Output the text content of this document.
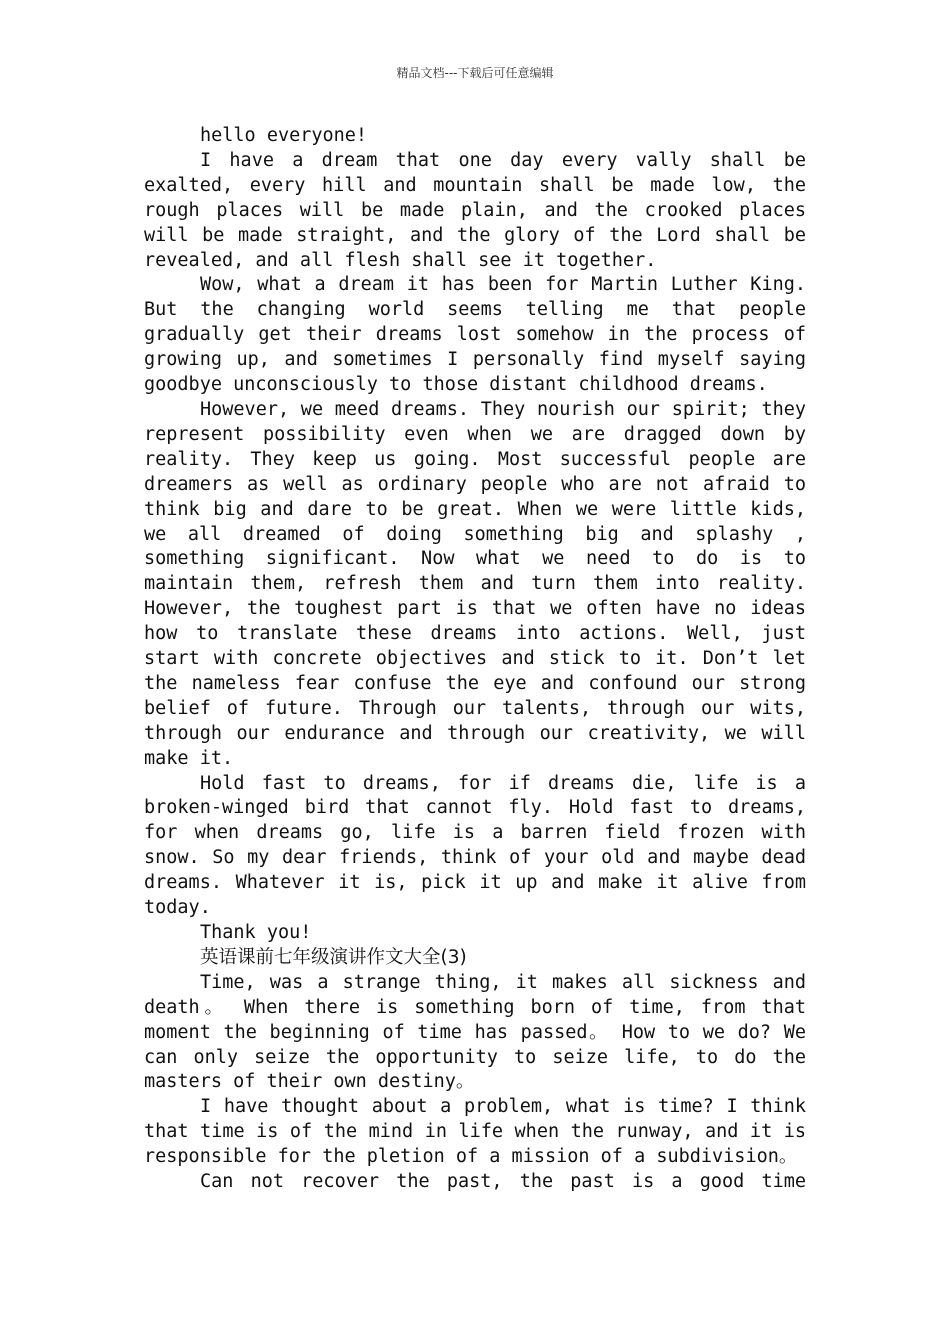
精品文档---下载后可任意编辑

hello everyone!

I have a dream that one day every vally shall be exalted, every hill and mountain shall be made low, the rough places will be made plain, and the crooked places will be made straight, and the glory of the Lord shall be revealed, and all flesh shall see it together.

Wow, what a dream it has been for Martin Luther King. But the changing world seems telling me that people gradually get their dreams lost somehow in the process of growing up, and sometimes I personally find myself saying goodbye unconsciously to those distant childhood dreams.

However, we meed dreams. They nourish our spirit; they represent possibility even when we are dragged down by reality. They keep us going. Most successful people are dreamers as well as ordinary people who are not afraid to think big and dare to be great. When we were little kids, we all dreamed of doing something big and splashy , something significant. Now what we need to do is to maintain them, refresh them and turn them into reality. However, the toughest part is that we often have no ideas how to translate these dreams into actions. Well, just start with concrete objectives and stick to it. Don’t let the nameless fear confuse the eye and confound our strong belief of future. Through our talents, through our wits, through our endurance and through our creativity, we will make it.

Hold fast to dreams, for if dreams die, life is a broken-winged bird that cannot fly. Hold fast to dreams, for when dreams go, life is a barren field frozen with snow. So my dear friends, think of your old and maybe dead dreams. Whatever it is, pick it up and make it alive from today.

Thank you!

英语课前七年级演讲作文大全(3)

Time, was a strange thing, it makes all sickness and death。 When there is something born of time, from that moment the beginning of time has passed。 How to we do? We can only seize the opportunity to seize life, to do the masters of their own destiny。

I have thought about a problem, what is time? I think that time is of the mind in life when the runway, and it is responsible for the pletion of a mission of a subdivision。

Can not recover the past, the past is a good time
